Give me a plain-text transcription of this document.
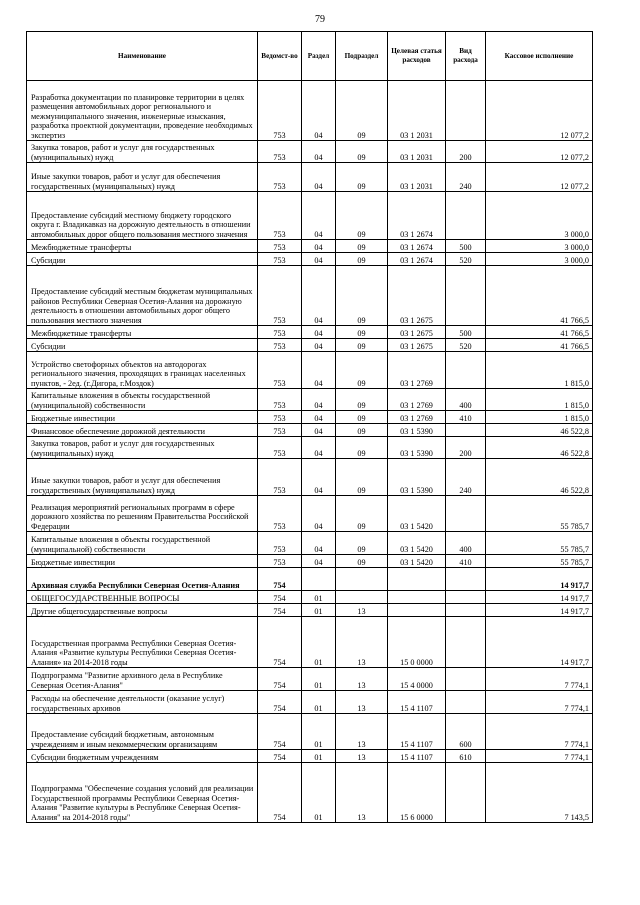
79
Наименование	Ведомст-во	Раздел	Подраздел	Целевая статья расходов	Вид расхода	Кассовое исполнение
Разработка документации по планировке территории в целях размещения автомобильных дорог регионального и межмуниципального значения, инженерные изыскания, разработка проектной документации, проведение необходимых экспертиз	753	04	09	03 1 2031		12 077,2
Закупка товаров, работ и услуг для государственных (муниципальных) нужд	753	04	09	03 1 2031	200	12 077,2
Иные закупки товаров, работ и услуг для обеспечения государственных (муниципальных) нужд	753	04	09	03 1 2031	240	12 077,2
Предоставление субсидий местному бюджету городского округа г. Владикавказ на дорожную деятельность в отношении автомобильных дорог общего пользования местного значения	753	04	09	03 1 2674		3 000,0
Межбюджетные трансферты	753	04	09	03 1 2674	500	3 000,0
Субсидии	753	04	09	03 1 2674	520	3 000,0
Предоставление субсидий местным бюджетам муниципальных районов Республики Северная Осетия-Алания на дорожную деятельность в отношении автомобильных дорог общего пользования местного значения	753	04	09	03 1 2675		41 766,5
Межбюджетные трансферты	753	04	09	03 1 2675	500	41 766,5
Субсидии	753	04	09	03 1 2675	520	41 766,5
Устройство светофорных объектов на автодорогах регионального значения, проходящих в границах населенных пунктов, - 2ед. (г.Дигора, г.Моздок)	753	04	09	03 1 2769		1 815,0
Капитальные вложения в объекты государственной (муниципальной) собственности	753	04	09	03 1 2769	400	1 815,0
Бюджетные инвестиции	753	04	09	03 1 2769	410	1 815,0
Финансовое обеспечение дорожной деятельности	753	04	09	03 1 5390		46 522,8
Закупка товаров, работ и услуг для государственных (муниципальных) нужд	753	04	09	03 1 5390	200	46 522,8
Иные закупки товаров, работ и услуг для обеспечения государственных (муниципальных) нужд	753	04	09	03 1 5390	240	46 522,8
Реализация мероприятий региональных программ в сфере дорожного хозяйства по решениям Правительства Российской Федерации	753	04	09	03 1 5420		55 785,7
Капитальные вложения в объекты государственной (муниципальной) собственности	753	04	09	03 1 5420	400	55 785,7
Бюджетные инвестиции	753	04	09	03 1 5420	410	55 785,7
Архивная служба Республики Северная Осетия-Алания	754					14 917,7
ОБЩЕГОСУДАРСТВЕННЫЕ ВОПРОСЫ	754	01				14 917,7
Другие общегосударственные вопросы	754	01	13			14 917,7
Государственная программа Республики Северная Осетия-Алания «Развитие культуры Республики Северная Осетия-Алания» на 2014-2018 годы	754	01	13	15 0 0000		14 917,7
Подпрограмма "Развитие архивного дела в Республике Северная Осетия-Алания"	754	01	13	15 4 0000		7 774,1
Расходы на обеспечение деятельности (оказание услуг) государственных архивов	754	01	13	15 4 1107		7 774,1
Предоставление субсидий бюджетным, автономным учреждениям и иным некоммерческим организациям	754	01	13	15 4 1107	600	7 774,1
Субсидии бюджетным учреждениям	754	01	13	15 4 1107	610	7 774,1
Подпрограмма "Обеспечение создания условий для реализации Государственной программы Республики Северная Осетия-Алания "Развитие культуры в Республике Северная Осетия-Алания" на 2014-2018 годы"	754	01	13	15 6 0000		7 143,5
